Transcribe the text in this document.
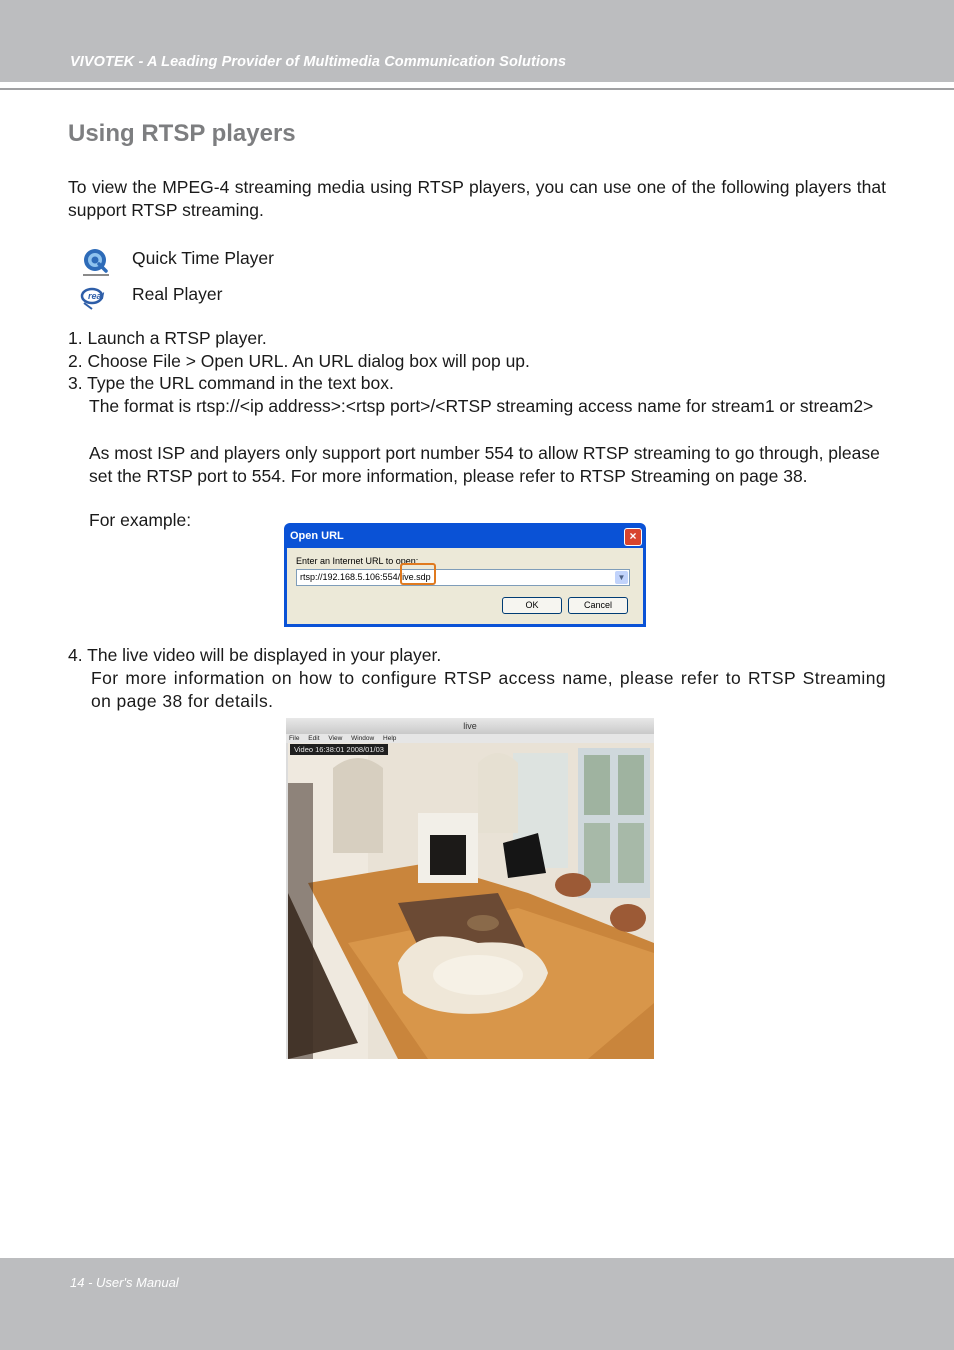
VIVOTEK - A Leading Provider of Multimedia Communication Solutions
Using RTSP players

To view the MPEG-4 streaming media using RTSP players, you can use one of the following players that support RTSP streaming.

Quick Time Player
real Real Player

1. Launch a RTSP player.

2. Choose File > Open URL. An URL dialog box will pop up.

3. Type the URL command in the text box.

The format is rtsp://<ip address>:<rtsp port>/<RTSP streaming access name for stream1 or stream2>

As most ISP and players only support port number 554 to allow RTSP streaming to go through, please set the RTSP port to 554. For more information, please refer to RTSP Streaming on page 38.

For example:

Open URL	×
Enter an Internet URL to open:
rtsp://192.168.5.106:554/live.sdp	▼
OK	Cancel

4. The live video will be displayed in your player.

For more information on how to configure RTSP access name, please refer to RTSP Streaming on page 38 for details.

live
File Edit View Window Help
Video 16:38:01 2008/01/03
14 - User's Manual
